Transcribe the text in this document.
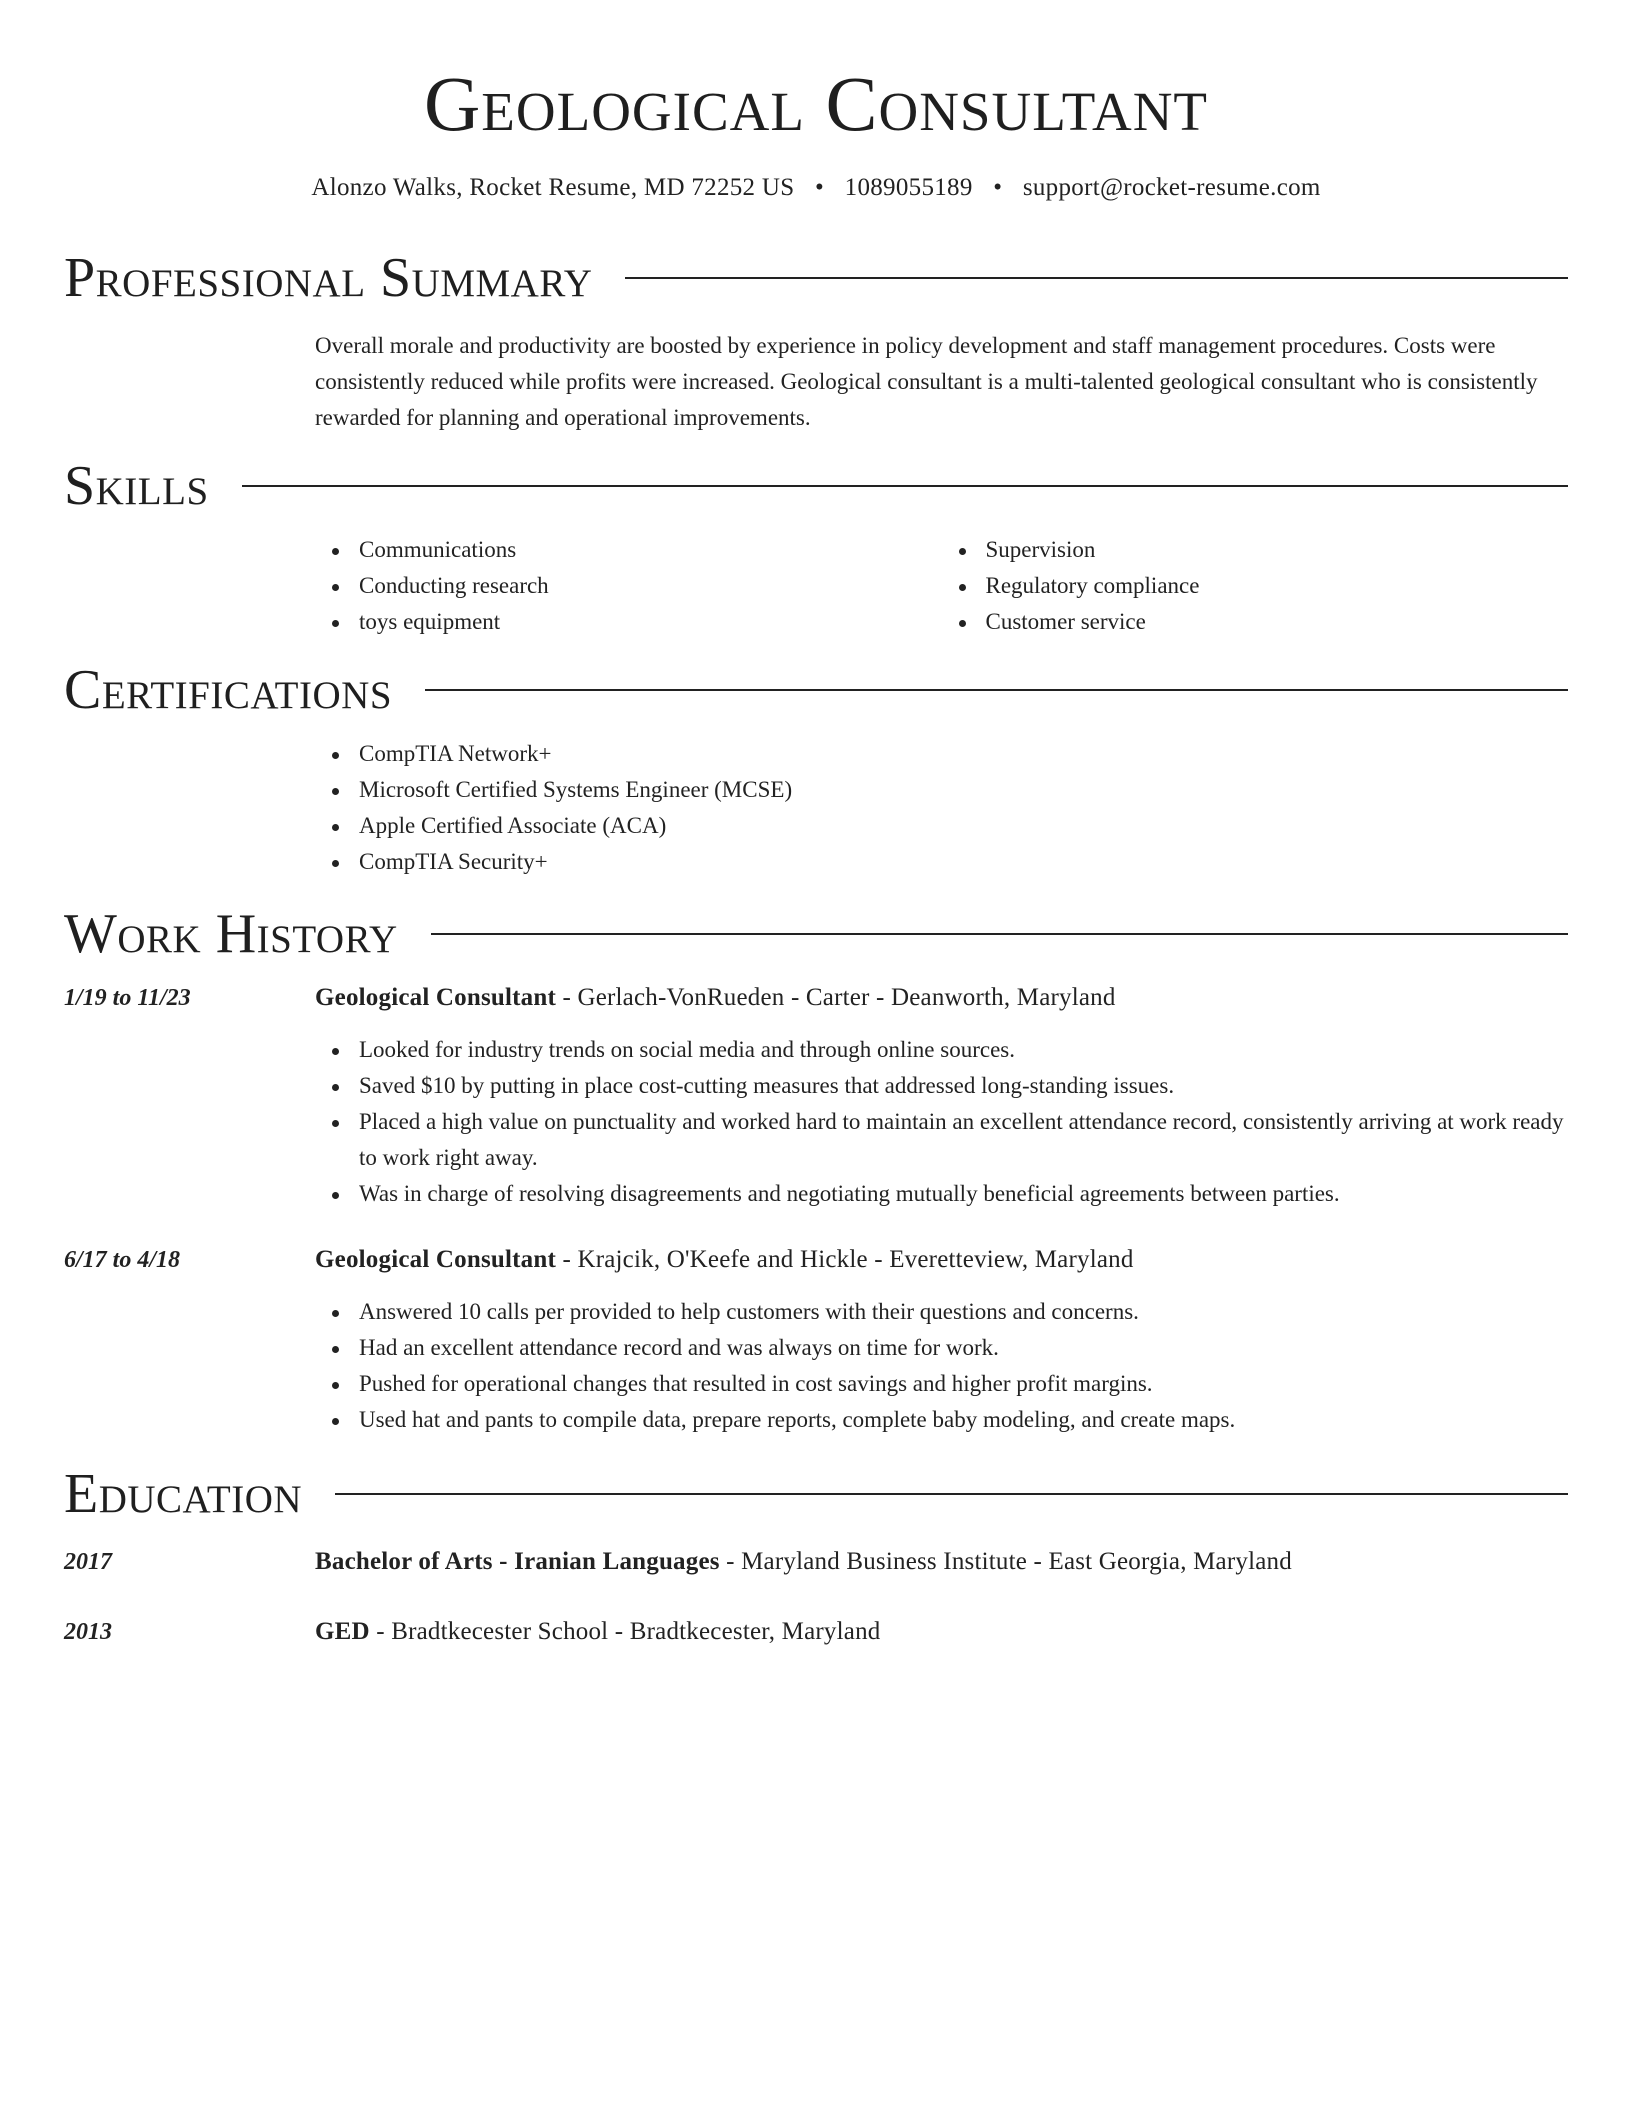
Geological Consultant
Alonzo Walks, Rocket Resume, MD 72252 US • 1089055189 • support@rocket-resume.com
Professional Summary
Overall morale and productivity are boosted by experience in policy development and staff management procedures. Costs were consistently reduced while profits were increased. Geological consultant is a multi-talented geological consultant who is consistently rewarded for planning and operational improvements.
Skills
Communications
Conducting research
toys equipment
Supervision
Regulatory compliance
Customer service
Certifications
CompTIA Network+
Microsoft Certified Systems Engineer (MCSE)
Apple Certified Associate (ACA)
CompTIA Security+
Work History
1/19 to 11/23	Geological Consultant - Gerlach-VonRueden - Carter - Deanworth, Maryland
Looked for industry trends on social media and through online sources.
Saved $10 by putting in place cost-cutting measures that addressed long-standing issues.
Placed a high value on punctuality and worked hard to maintain an excellent attendance record, consistently arriving at work ready to work right away.
Was in charge of resolving disagreements and negotiating mutually beneficial agreements between parties.
6/17 to 4/18	Geological Consultant - Krajcik, O'Keefe and Hickle - Everetteview, Maryland
Answered 10 calls per provided to help customers with their questions and concerns.
Had an excellent attendance record and was always on time for work.
Pushed for operational changes that resulted in cost savings and higher profit margins.
Used hat and pants to compile data, prepare reports, complete baby modeling, and create maps.
Education
2017	Bachelor of Arts - Iranian Languages - Maryland Business Institute - East Georgia, Maryland
2013	GED - Bradtkecester School - Bradtkecester, Maryland
